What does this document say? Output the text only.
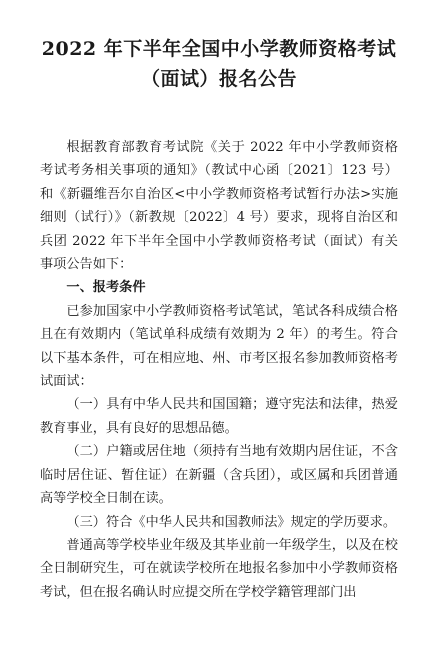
2022 年下半年全国中小学教师资格考试
（面试）报名公告

根据教育部教育考试院《关于 2022 年中小学教师资格考试考务相关事项的通知》（教试中心函〔2021〕123 号）和《新疆维吾尔自治区<中小学教师资格考试暂行办法>实施细则（试行）》（新教规〔2022〕4 号）要求，现将自治区和兵团 2022 年下半年全国中小学教师资格考试（面试）有关事项公告如下：

一、报考条件

已参加国家中小学教师资格考试笔试，笔试各科成绩合格且在有效期内（笔试单科成绩有效期为 2 年）的考生。符合以下基本条件，可在相应地、州、市考区报名参加教师资格考试面试：

（一）具有中华人民共和国国籍；遵守宪法和法律，热爱教育事业，具有良好的思想品德。

（二）户籍或居住地（须持有当地有效期内居住证，不含临时居住证、暂住证）在新疆（含兵团），或区属和兵团普通高等学校全日制在读。

（三）符合《中华人民共和国教师法》规定的学历要求。

普通高等学校毕业年级及其毕业前一年级学生，以及在校全日制研究生，可在就读学校所在地报名参加中小学教师资格考试，但在报名确认时应提交所在学校学籍管理部门出
